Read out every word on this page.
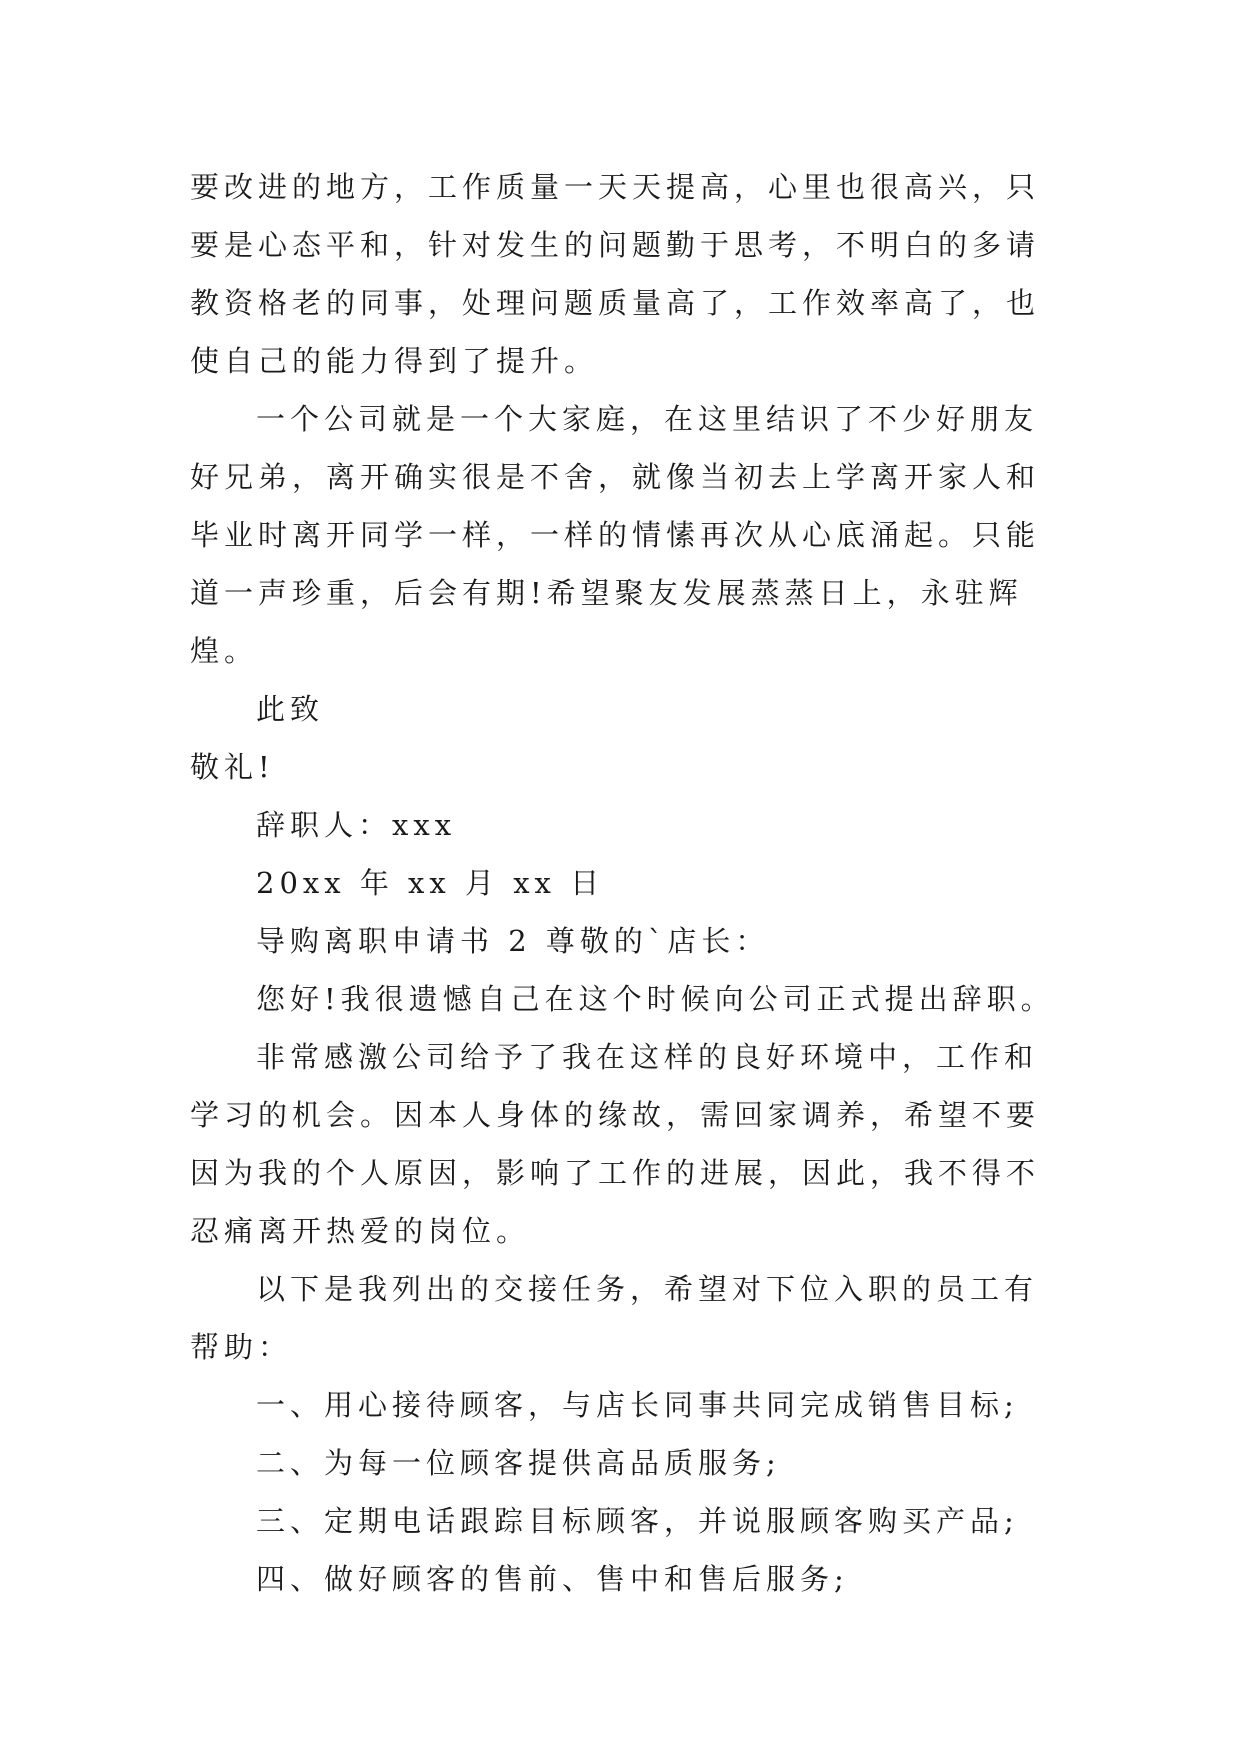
要改进的地方，工作质量一天天提高，心里也很高兴，只要是心态平和，针对发生的问题勤于思考，不明白的多请教资格老的同事，处理问题质量高了，工作效率高了，也使自己的能力得到了提升。

一个公司就是一个大家庭，在这里结识了不少好朋友好兄弟，离开确实很是不舍，就像当初去上学离开家人和毕业时离开同学一样，一样的情愫再次从心底涌起。只能道一声珍重，后会有期!希望聚友发展蒸蒸日上，永驻辉煌。

此致

敬礼!

辞职人：xxx

20xx 年 xx 月 xx 日

导购离职申请书 2 尊敬的`店长：

您好!我很遗憾自己在这个时候向公司正式提出辞职。

非常感激公司给予了我在这样的良好环境中，工作和学习的机会。因本人身体的缘故，需回家调养，希望不要因为我的个人原因，影响了工作的进展，因此，我不得不忍痛离开热爱的岗位。

以下是我列出的交接任务，希望对下位入职的员工有帮助：

一、用心接待顾客，与店长同事共同完成销售目标;

二、为每一位顾客提供高品质服务;

三、定期电话跟踪目标顾客，并说服顾客购买产品;

四、做好顾客的售前、售中和售后服务;
